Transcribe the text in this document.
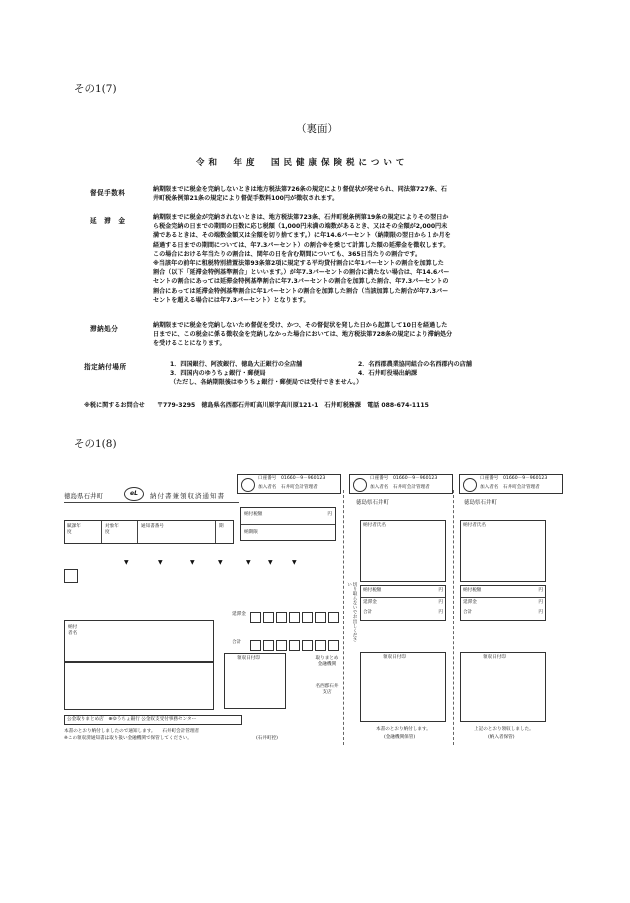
その1(7)
（裏面）
令和　年度　国民健康保険税について
督促手数料	納期限までに税金を完納しないときは地方税法第726条の規定により督促状が発せられ、同法第727条、石
井町税条例第21条の規定により督促手数料100円が徴収されます。
延　滞　金	納期限までに税金が完納されないときは、地方税法第723条、石井町税条例第19条の規定によりその翌日か
ら税金完納の日までの期間の日数に応じ税額（1,000円未満の端数があるとき、又はその全額が2,000円未
満であるときは、その端数金額又は全額を切り捨てます。）に年14.6パーセント（納期限の翌日から１か月を
経過する日までの期間については、年7.3パーセント）の割合※を乗じて計算した額の延滞金を徴収します。
この場合における年当たりの割合は、閏年の日を含む期間についても、365日当たりの割合です。
※当該年の前年に租税特別措置法第93条第2項に規定する平均貸付割合に年1パーセントの割合を加算した
割合（以下「延滞金特例基準割合」といいます。）が年7.3パーセントの割合に満たない場合は、年14.6パー
セントの割合にあっては延滞金特例基準割合に年7.3パーセントの割合を加算した割合、年7.3パーセントの
割合にあっては延滞金特例基準割合に年1パーセントの割合を加算した割合（当該加算した割合が年7.3パー
セントを超える場合には年7.3パーセント）となります。
滞納処分	納期限までに税金を完納しないため督促を受け、かつ、その督促状を発した日から起算して10日を経過した
日までに、この税金に係る徴収金を完納しなかった場合においては、地方税法第728条の規定により滞納処分
を受けることになります。
指定納付場所	1．四国銀行、阿波銀行、徳島大正銀行の全店舗
3．四国内のゆうちょ銀行・郵便局
（ただし、各納期限後はゆうちょ銀行・郵便局では受付できません。）
2．名西郡農業協同組合の名西郡内の店舗
4．石井町役場出納課
※税に関するお問合せ　　〒779-3295　徳島県名西郡石井町高川原字高川原121-1　石井町税務課　電話 088-674-1115
その1(8)
口座番号　 01660－9－960123
加入者名　 石井町会計管理者
口座番号　 01660－9－960123
加入者名　 石井町会計管理者
口座番号　 01660－9－960123
加入者名　 石井町会計管理者
徳島県石井町	eL	納付書兼領収済通知書
徳島県石井町	徳島県石井町
納付税額	円
納期限
賦課年度
対象年度
通知書番号	期
▼	▼	▼	▼	▼	▼	▼
延滞金
合計
納付者名
領収日付印	取りまとめ金融機関
名西郡石井支店
公金取りまとめ店　⊕ゆうちょ銀行 公金収支受付事務センター
本書のとおり納付しましたので通知します。　　石井町会計管理者
※この領収済通知書は取り扱い金融機関で保管してください。	(石井町控)
切り取らないでお出しください
納付者氏名
納付税額	円
延滞金	円
合計	円
領収日付印
本書のとおり納付します。
(金融機関保管)
納付者氏名
納付税額	円
延滞金	円
合計	円
領収日付印
上記のとおり領収しました。
(納入者保管)
